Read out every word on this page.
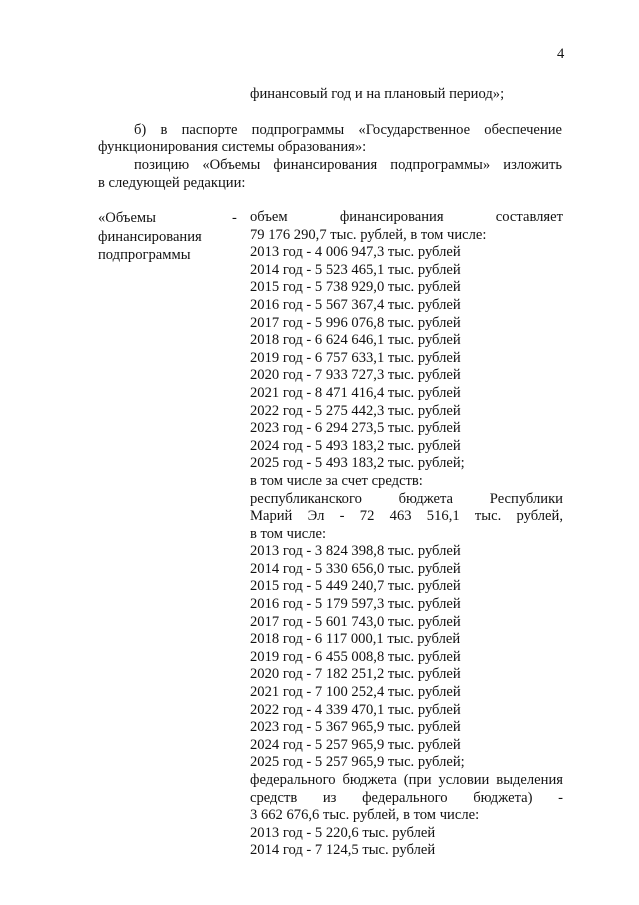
4
финансовый год и на плановый период»;
б) в паспорте подпрограммы «Государственное обеспечение
функционирования системы образования»:
позицию «Объемы финансирования подпрограммы» изложить
в следующей редакции:
«Объемы
финансирования
подпрограммы
- объем финансирования составляет
79 176 290,7 тыс. рублей, в том числе:
2013 год - 4 006 947,3 тыс. рублей
2014 год - 5 523 465,1 тыс. рублей
2015 год - 5 738 929,0 тыс. рублей
2016 год - 5 567 367,4 тыс. рублей
2017 год - 5 996 076,8 тыс. рублей
2018 год - 6 624 646,1 тыс. рублей
2019 год - 6 757 633,1 тыс. рублей
2020 год - 7 933 727,3 тыс. рублей
2021 год - 8 471 416,4 тыс. рублей
2022 год - 5 275 442,3 тыс. рублей
2023 год - 6 294 273,5 тыс. рублей
2024 год - 5 493 183,2 тыс. рублей
2025 год - 5 493 183,2 тыс. рублей;
в том числе за счет средств:
республиканского бюджета Республики
Марий Эл - 72 463 516,1 тыс. рублей,
в том числе:
2013 год - 3 824 398,8 тыс. рублей
2014 год - 5 330 656,0 тыс. рублей
2015 год - 5 449 240,7 тыс. рублей
2016 год - 5 179 597,3 тыс. рублей
2017 год - 5 601 743,0 тыс. рублей
2018 год - 6 117 000,1 тыс. рублей
2019 год - 6 455 008,8 тыс. рублей
2020 год - 7 182 251,2 тыс. рублей
2021 год - 7 100 252,4 тыс. рублей
2022 год - 4 339 470,1 тыс. рублей
2023 год - 5 367 965,9 тыс. рублей
2024 год - 5 257 965,9 тыс. рублей
2025 год - 5 257 965,9 тыс. рублей;
федерального бюджета (при условии выделения
средств из федерального бюджета) -
3 662 676,6 тыс. рублей, в том числе:
2013 год - 5 220,6 тыс. рублей
2014 год - 7 124,5 тыс. рублей
